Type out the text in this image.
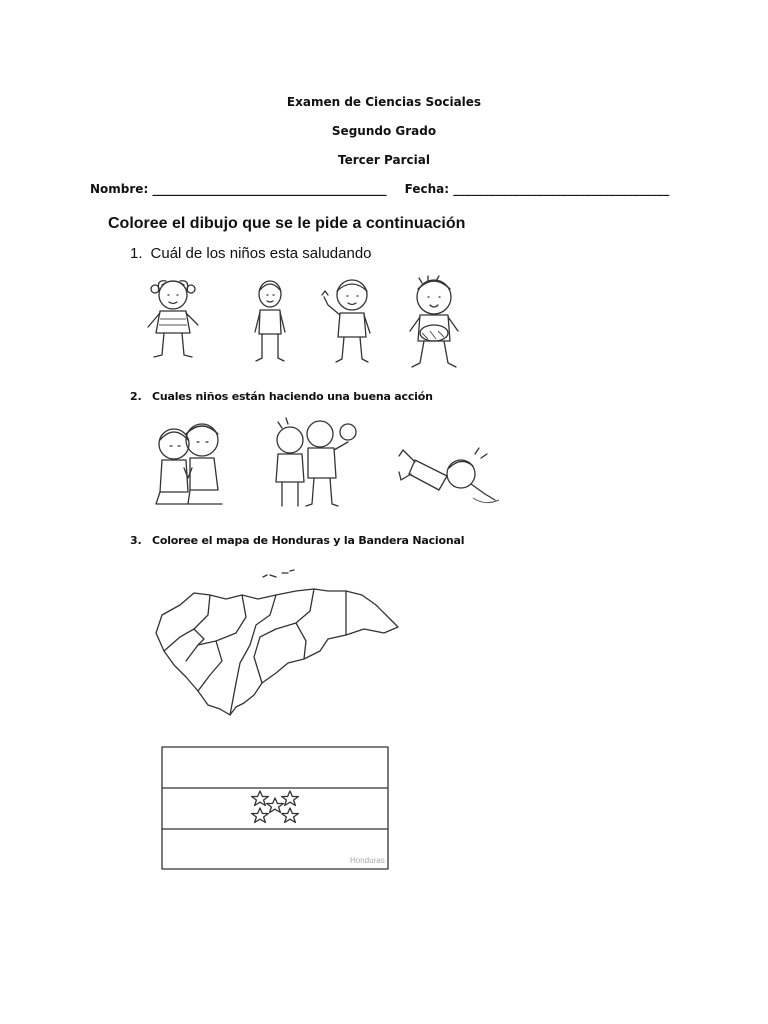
Examen de Ciencias Sociales
Segundo Grado
Tercer Parcial
Nombre: _______________________________________ Fecha: ____________________________________
Coloree el dibujo que se le pide a continuación
1. Cuál de los niños esta saludando
2. Cuales niños están haciendo una buena acción
3. Coloree el mapa de Honduras y la Bandera Nacional
Honduras
